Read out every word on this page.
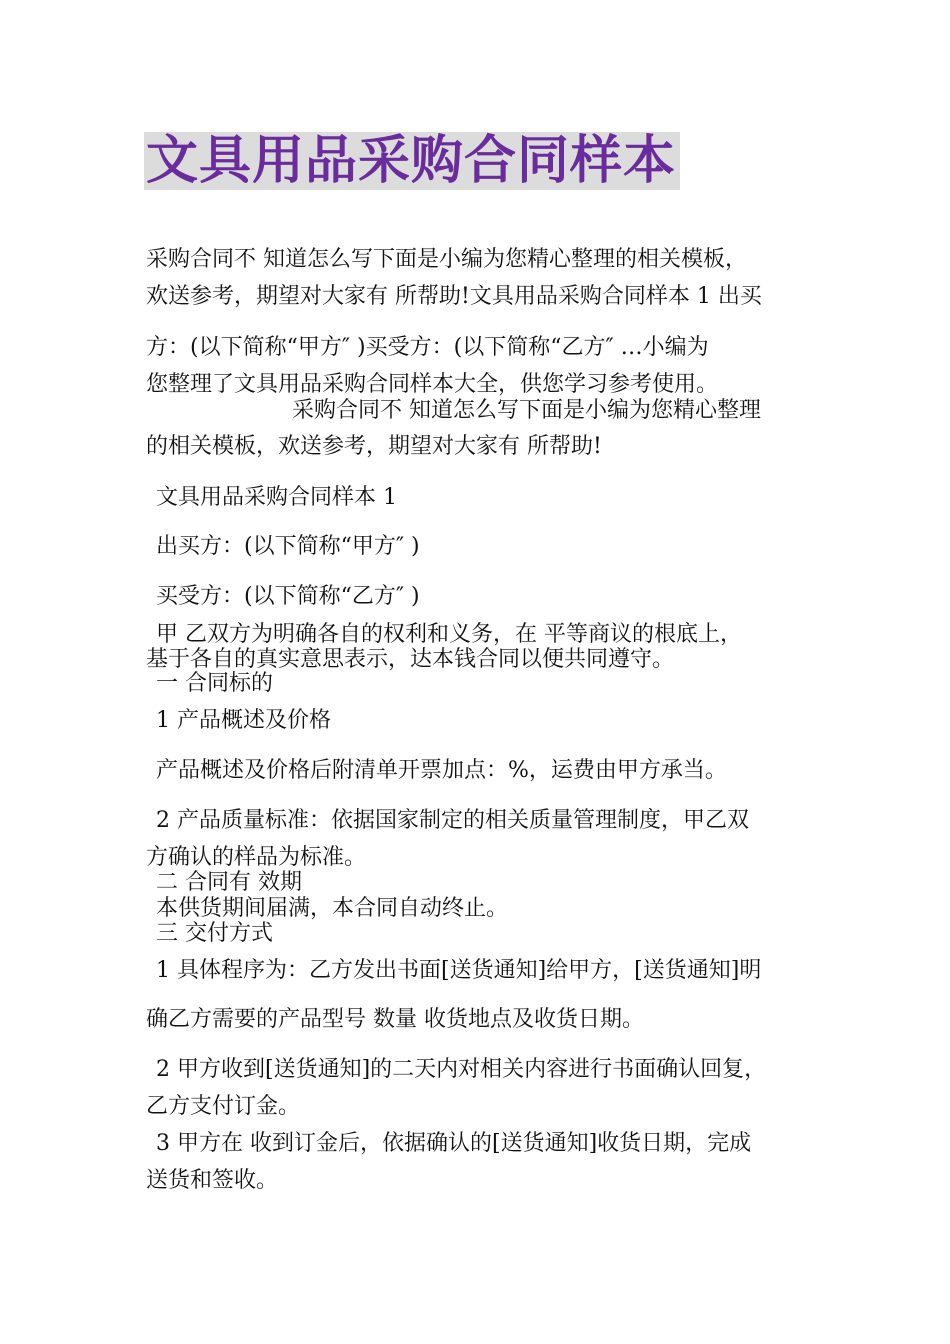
文具用品采购合同样本
采购合同不 知道怎么写下面是小编为您精心整理的相关模板，
欢送参考，期望对大家有 所帮助!文具用品采购合同样本 1 出买
方：(以下简称“甲方″ )买受方：(以下简称“乙方″ …小编为
您整理了文具用品采购合同样本大全，供您学习参考使用。
采购合同不 知道怎么写下面是小编为您精心整理
的相关模板，欢送参考，期望对大家有 所帮助!
文具用品采购合同样本 1
出买方：(以下简称“甲方″ )
买受方：(以下简称“乙方″ )
甲 乙双方为明确各自的权利和义务，在 平等商议的根底上，
基于各自的真实意思表示，达本钱合同以便共同遵守。
一 合同标的
1 产品概述及价格
产品概述及价格后附清单开票加点：%，运费由甲方承当。
2 产品质量标准：依据国家制定的相关质量管理制度，甲乙双
方确认的样品为标准。
二 合同有 效期
本供货期间届满，本合同自动终止。
三 交付方式
1 具体程序为：乙方发出书面[送货通知]给甲方，[送货通知]明
确乙方需要的产品型号 数量 收货地点及收货日期。
2 甲方收到[送货通知]的二天内对相关内容进行书面确认回复，
乙方支付订金。
3 甲方在 收到订金后，依据确认的[送货通知]收货日期，完成
送货和签收。
